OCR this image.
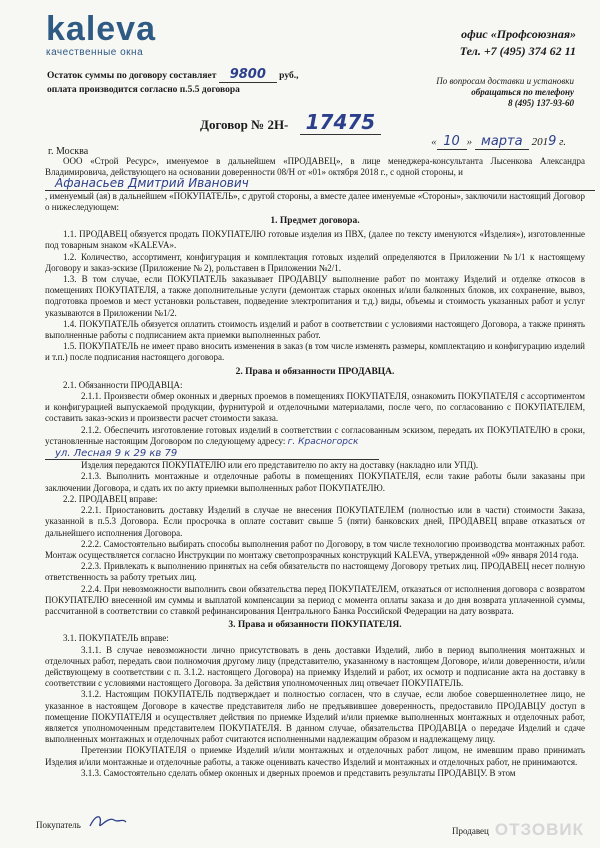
kaleva
качественные окна
офис «Профсоюзная»
Тел. +7 (495) 374 62 11
По вопросам доставки и установки
обращаться по телефону
8 (495) 137-93-60
Остаток суммы по договору составляет 9800 руб.,
оплата производится согласно п.5.5 договора
Договор № 2Н- 17475
г. Москва
« 10 » марта 2019 г.

ООО «Строй Ресурс», именуемое в дальнейшем «ПРОДАВЕЦ», в лице менеджера-консультанта Лысенкова Александра Владимировича, действующего на основании доверенности 08/Н от «01» октября 2018 г., с одной стороны, и

Афанасьев Дмитрий Иванович

, именуемый (ая) в дальнейшем «ПОКУПАТЕЛЬ», с другой стороны, а вместе далее именуемые «Стороны», заключили настоящий Договор о нижеследующем:

1. Предмет договора.

1.1. ПРОДАВЕЦ обязуется продать ПОКУПАТЕЛЮ готовые изделия из ПВХ, (далее по тексту именуются «Изделия»), изготовленные под товарным знаком «KALEVA».

1.2. Количество, ассортимент, конфигурация и комплектация готовых изделий определяются в Приложении №1/1 к настоящему Договору и заказ-эскизе (Приложение № 2), рольставен в Приложении №2/1.

1.3. В том случае, если ПОКУПАТЕЛЬ заказывает ПРОДАВЦУ выполнение работ по монтажу Изделий и отделке откосов в помещениях ПОКУПАТЕЛЯ, а также дополнительные услуги (демонтаж старых оконных и/или балконных блоков, их сохранение, вывоз, подготовка проемов и мест установки рольставен, подведение электропитания и т.д.) виды, объемы и стоимость указанных работ и услуг указываются в Приложении №1/2.

1.4. ПОКУПАТЕЛЬ обязуется оплатить стоимость изделий и работ в соответствии с условиями настоящего Договора, а также принять выполненные работы с подписанием акта приемки выполненных работ.

1.5. ПОКУПАТЕЛЬ не имеет право вносить изменения в заказ (в том числе изменять размеры, комплектацию и конфигурацию изделий и т.п.) после подписания настоящего договора.

2. Права и обязанности ПРОДАВЦА.

2.1. Обязанности ПРОДАВЦА:

2.1.1. Произвести обмер оконных и дверных проемов в помещениях ПОКУПАТЕЛЯ, ознакомить ПОКУПАТЕЛЯ с ассортиментом и конфигурацией выпускаемой продукции, фурнитурой и отделочными материалами, после чего, по согласованию с ПОКУПАТЕЛЕМ, составить заказ-эскиз и произвести расчет стоимости заказа.

2.1.2. Обеспечить изготовление готовых изделий в соответствии с согласованным эскизом, передать их ПОКУПАТЕЛЮ в сроки, установленные настоящим Договором по следующему адресу: г. Красногорск

ул. Лесная 9 к 29 кв 79

Изделия передаются ПОКУПАТЕЛЮ или его представителю по акту на доставку (накладно или УПД).

2.1.3. Выполнить монтажные и отделочные работы в помещениях ПОКУПАТЕЛЯ, если такие работы были заказаны при заключении Договора, и сдать их по акту приемки выполненных работ ПОКУПАТЕЛЮ.

2.2. ПРОДАВЕЦ вправе:

2.2.1. Приостановить доставку Изделий в случае не внесения ПОКУПАТЕЛЕМ (полностью или в части) стоимости Заказа, указанной в п.5.3 Договора. Если просрочка в оплате составит свыше 5 (пяти) банковских дней, ПРОДАВЕЦ вправе отказаться от дальнейшего исполнения Договора.

2.2.2. Самостоятельно выбирать способы выполнения работ по Договору, в том числе технологию производства монтажных работ. Монтаж осуществляется согласно Инструкции по монтажу светопрозрачных конструкций KALEVA, утвержденной «09» января 2014 года.

2.2.3. Привлекать к выполнению принятых на себя обязательств по настоящему Договору третьих лиц. ПРОДАВЕЦ несет полную ответственность за работу третьих лиц.

2.2.4. При невозможности выполнить свои обязательства перед ПОКУПАТЕЛЕМ, отказаться от исполнения договора с возвратом ПОКУПАТЕЛЮ внесенной им суммы и выплатой компенсации за период с момента оплаты заказа и до дня возврата уплаченной суммы, рассчитанной в соответствии со ставкой рефинансирования Центрального Банка Российской Федерации на дату возврата.

3. Права и обязанности ПОКУПАТЕЛЯ.

3.1. ПОКУПАТЕЛЬ вправе:

3.1.1. В случае невозможности лично присутствовать в день доставки Изделий, либо в период выполнения монтажных и отделочных работ, передать свои полномочия другому лицу (представителю, указанному в настоящем Договоре, и/или доверенности, и/или действующему в соответствии с п. 3.1.2. настоящего Договора) на приемку Изделий и работ, их осмотр и подписание акта на доставку в соответствии с условиями настоящего Договора. За действия уполномоченных лиц отвечает ПОКУПАТЕЛЬ.

3.1.2. Настоящим ПОКУПАТЕЛЬ подтверждает и полностью согласен, что в случае, если любое совершеннолетнее лицо, не указанное в настоящем Договоре в качестве представителя либо не предъявившее доверенность, предоставило ПРОДАВЦУ доступ в помещение ПОКУПАТЕЛЯ и осуществляет действия по приемке Изделий и/или приемке выполненных монтажных и отделочных работ, является уполномоченным представителем ПОКУПАТЕЛЯ. В данном случае, обязательства ПРОДАВЦА о передаче Изделий и сдаче выполненных монтажных и отделочных работ считаются исполненными надлежащим образом и надлежащему лицу.

Претензии ПОКУПАТЕЛЯ о приемке Изделий и/или монтажных и отделочных работ лицом, не имевшим право принимать Изделия и/или монтажные и отделочные работы, а также оценивать качество Изделий и монтажных и отделочных работ, не принимаются.

3.1.3. Самостоятельно сделать обмер оконных и дверных проемов и представить результаты ПРОДАВЦУ. В этом

Покупатель
Продавец ОТЗОВИК
